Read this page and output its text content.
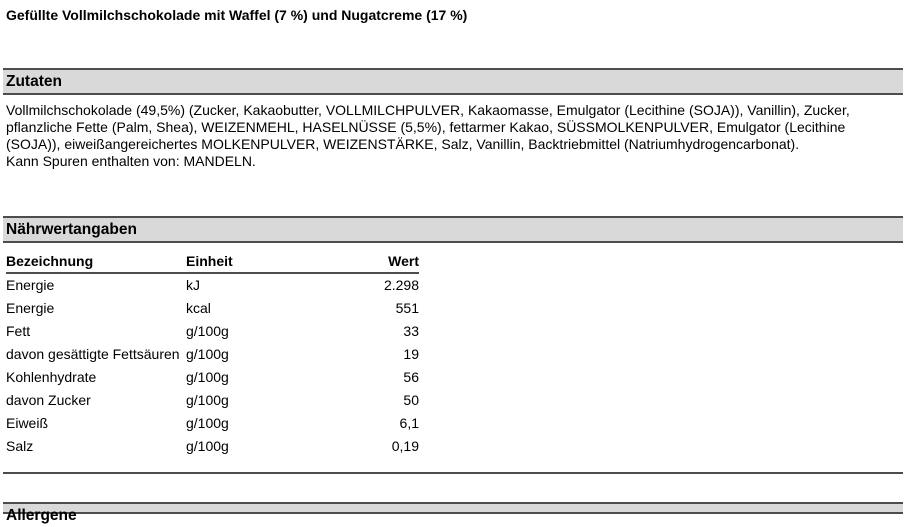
Gefüllte Vollmilchschokolade mit Waffel (7 %) und Nugatcreme (17 %)
Zutaten

Vollmilchschokolade (49,5%) (Zucker, Kakaobutter, VOLLMILCHPULVER, Kakaomasse, Emulgator (Lecithine (SOJA)), Vanillin), Zucker, pflanzliche Fette (Palm, Shea), WEIZENMEHL, HASELNÜSSE (5,5%), fettarmer Kakao, SÜSSMOLKENPULVER, Emulgator (Lecithine (SOJA)), eiweißangereichertes MOLKENPULVER, WEIZENSTÄRKE, Salz, Vanillin, Backtriebmittel (Natriumhydrogencarbonat).

Kann Spuren enthalten von: MANDELN.

Nährwertangaben
Bezeichnung	Einheit	Wert
Energie	kJ	2.298
Energie	kcal	551
Fett	g/100g	33
davon gesättigte Fettsäuren	g/100g	19
Kohlenhydrate	g/100g	56
davon Zucker	g/100g	50
Eiweiß	g/100g	6,1
Salz	g/100g	0,19
Allergene
